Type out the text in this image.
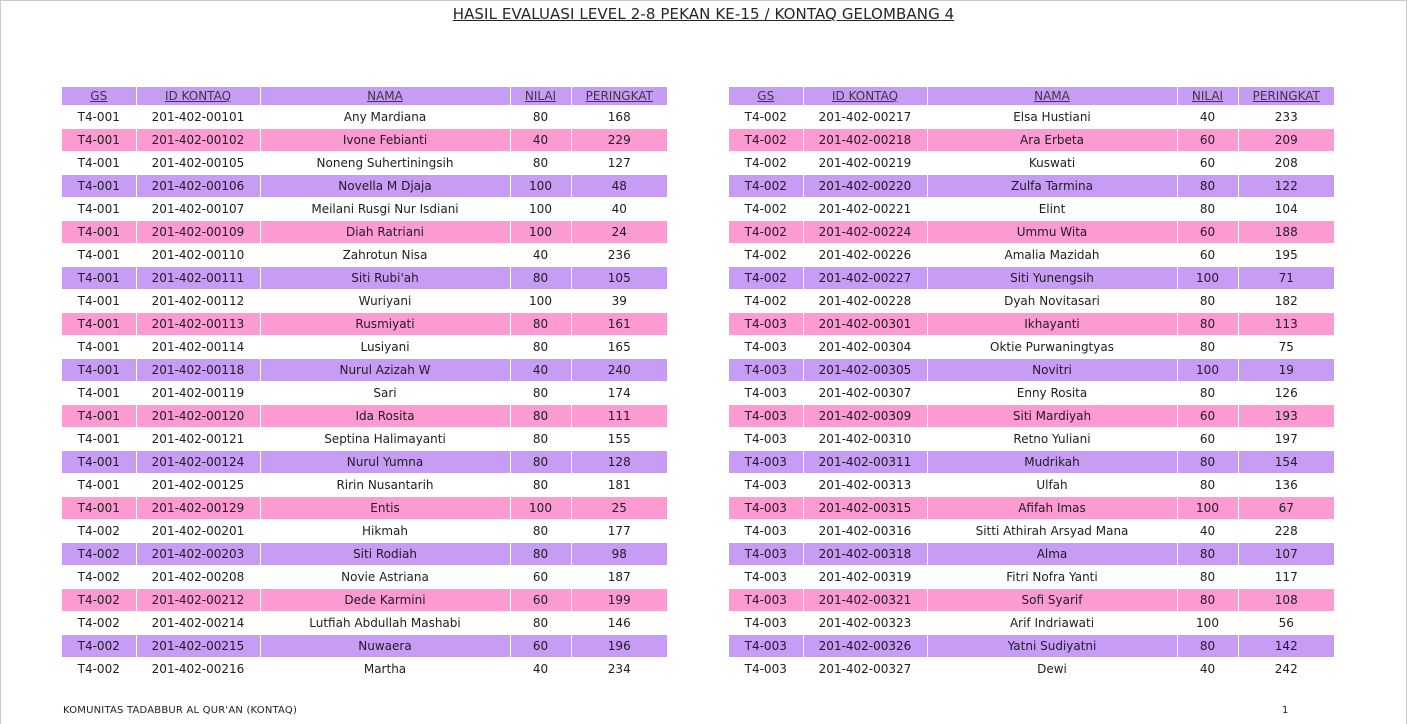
HASIL EVALUASI LEVEL 2-8 PEKAN KE-15 / KONTAQ GELOMBANG 4
GS	ID KONTAQ	NAMA	NILAI	PERINGKAT
T4-001	201-402-00101	Any Mardiana	80	168
T4-001	201-402-00102	Ivone Febianti	40	229
T4-001	201-402-00105	Noneng Suhertiningsih	80	127
T4-001	201-402-00106	Novella M Djaja	100	48
T4-001	201-402-00107	Meilani Rusgi Nur Isdiani	100	40
T4-001	201-402-00109	Diah Ratriani	100	24
T4-001	201-402-00110	Zahrotun Nisa	40	236
T4-001	201-402-00111	Siti Rubi'ah	80	105
T4-001	201-402-00112	Wuriyani	100	39
T4-001	201-402-00113	Rusmiyati	80	161
T4-001	201-402-00114	Lusiyani	80	165
T4-001	201-402-00118	Nurul Azizah W	40	240
T4-001	201-402-00119	Sari	80	174
T4-001	201-402-00120	Ida Rosita	80	111
T4-001	201-402-00121	Septina Halimayanti	80	155
T4-001	201-402-00124	Nurul Yumna	80	128
T4-001	201-402-00125	Ririn Nusantarih	80	181
T4-001	201-402-00129	Entis	100	25
T4-002	201-402-00201	Hikmah	80	177
T4-002	201-402-00203	Siti Rodiah	80	98
T4-002	201-402-00208	Novie Astriana	60	187
T4-002	201-402-00212	Dede Karmini	60	199
T4-002	201-402-00214	Lutfiah Abdullah Mashabi	80	146
T4-002	201-402-00215	Nuwaera	60	196
T4-002	201-402-00216	Martha	40	234
GS	ID KONTAQ	NAMA	NILAI	PERINGKAT
T4-002	201-402-00217	Elsa Hustiani	40	233
T4-002	201-402-00218	Ara Erbeta	60	209
T4-002	201-402-00219	Kuswati	60	208
T4-002	201-402-00220	Zulfa Tarmina	80	122
T4-002	201-402-00221	Elint	80	104
T4-002	201-402-00224	Ummu Wita	60	188
T4-002	201-402-00226	Amalia Mazidah	60	195
T4-002	201-402-00227	Siti Yunengsih	100	71
T4-002	201-402-00228	Dyah Novitasari	80	182
T4-003	201-402-00301	Ikhayanti	80	113
T4-003	201-402-00304	Oktie Purwaningtyas	80	75
T4-003	201-402-00305	Novitri	100	19
T4-003	201-402-00307	Enny Rosita	80	126
T4-003	201-402-00309	Siti Mardiyah	60	193
T4-003	201-402-00310	Retno Yuliani	60	197
T4-003	201-402-00311	Mudrikah	80	154
T4-003	201-402-00313	Ulfah	80	136
T4-003	201-402-00315	Afifah Imas	100	67
T4-003	201-402-00316	Sitti Athirah Arsyad Mana	40	228
T4-003	201-402-00318	Alma	80	107
T4-003	201-402-00319	Fitri Nofra Yanti	80	117
T4-003	201-402-00321	Sofi Syarif	80	108
T4-003	201-402-00323	Arif Indriawati	100	56
T4-003	201-402-00326	Yatni Sudiyatni	80	142
T4-003	201-402-00327	Dewi	40	242
KOMUNITAS TADABBUR AL QUR'AN (KONTAQ)	1
